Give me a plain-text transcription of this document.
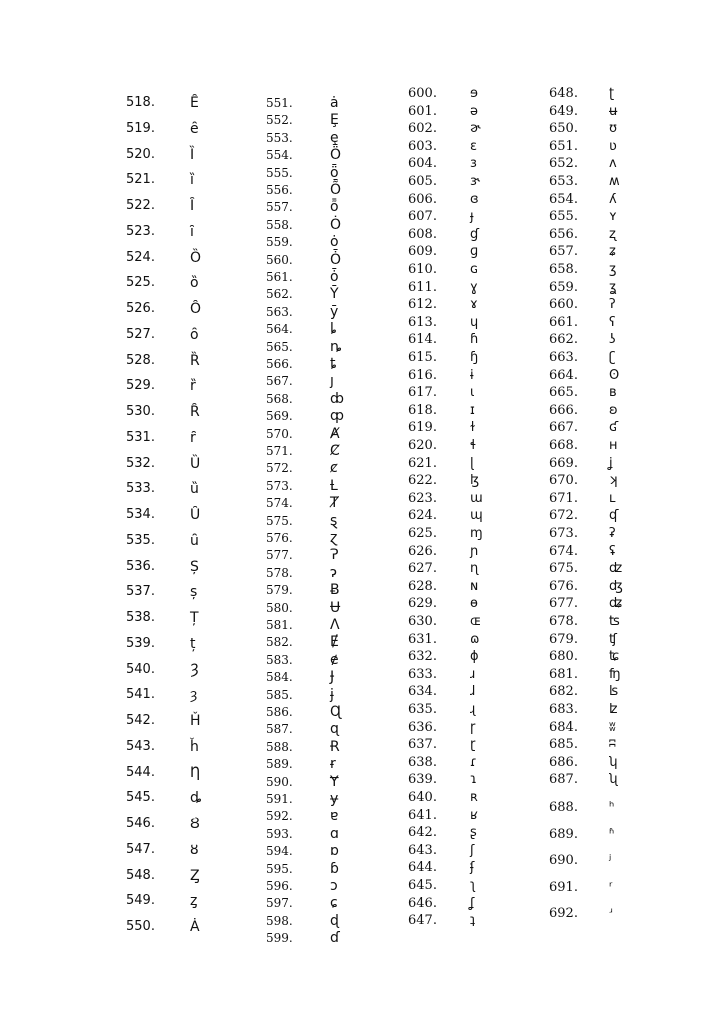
518.	Ȇ
519.	ȇ
520.	Ȉ
521.	ȉ
522.	Ȋ
523.	ȋ
524.	Ȍ
525.	ȍ
526.	Ȏ
527.	ȏ
528.	Ȑ
529.	ȑ
530.	Ȓ
531.	ȓ
532.	Ȕ
533.	ȕ
534.	Ȗ
535.	ȗ
536.	Ș
537.	ș
538.	Ț
539.	ț
540.	Ȝ
541.	ȝ
542.	Ȟ
543.	ȟ
544.	Ƞ
545.	ȡ
546.	Ȣ
547.	ȣ
548.	Ȥ
549.	ȥ
550.	Ȧ
551.	ȧ
552.	Ȩ
553.	ȩ
554.	Ȫ
555.	ȫ
556.	Ȭ
557.	ȭ
558.	Ȯ
559.	ȯ
560.	Ȱ
561.	ȱ
562.	Ȳ
563.	ȳ
564.	ȴ
565.	ȵ
566.	ȶ
567.	ȷ
568.	ȸ
569.	ȹ
570.	Ⱥ
571.	Ȼ
572.	ȼ
573.	Ƚ
574.	Ⱦ
575.	ȿ
576.	ɀ
577.	Ɂ
578.	ɂ
579.	Ƀ
580.	Ʉ
581.	Ʌ
582.	Ɇ
583.	ɇ
584.	Ɉ
585.	ɉ
586.	Ɋ
587.	ɋ
588.	Ɍ
589.	ɍ
590.	Ɏ
591.	ɏ
592.	ɐ
593.	ɑ
594.	ɒ
595.	ɓ
596.	ɔ
597.	ɕ
598.	ɖ
599.	ɗ
600.	ɘ
601.	ə
602.	ɚ
603.	ɛ
604.	ɜ
605.	ɝ
606.	ɞ
607.	ɟ
608.	ɠ
609.	ɡ
610.	ɢ
611.	ɣ
612.	ɤ
613.	ɥ
614.	ɦ
615.	ɧ
616.	ɨ
617.	ɩ
618.	ɪ
619.	ɫ
620.	ɬ
621.	ɭ
622.	ɮ
623.	ɯ
624.	ɰ
625.	ɱ
626.	ɲ
627.	ɳ
628.	ɴ
629.	ɵ
630.	ɶ
631.	ɷ
632.	ɸ
633.	ɹ
634.	ɺ
635.	ɻ
636.	ɼ
637.	ɽ
638.	ɾ
639.	ɿ
640.	ʀ
641.	ʁ
642.	ʂ
643.	ʃ
644.	ʄ
645.	ʅ
646.	ʆ
647.	ʇ
648. ʈ
649. ʉ
650. ʊ
651. ʋ
652. ʌ
653. ʍ
654. ʎ
655. ʏ
656. ʐ
657. ʑ
658. ʒ
659. ʓ
660. ʔ
661. ʕ
662. ʖ
663. ʗ
664. ʘ
665. ʙ
666. ʚ
667. ʛ
668. ʜ
669. ʝ
670. ʞ
671. ʟ
672. ʠ
673. ʡ
674. ʢ
675. ʣ
676. ʤ
677. ʥ
678. ʦ
679. ʧ
680. ʨ
681. ʩ
682. ʪ
683. ʫ
684. ʬ
685. ʭ
686. ʮ
687. ʯ
688. ʰ
689. ʱ
690. ʲ
691. ʳ
692. ʴ
